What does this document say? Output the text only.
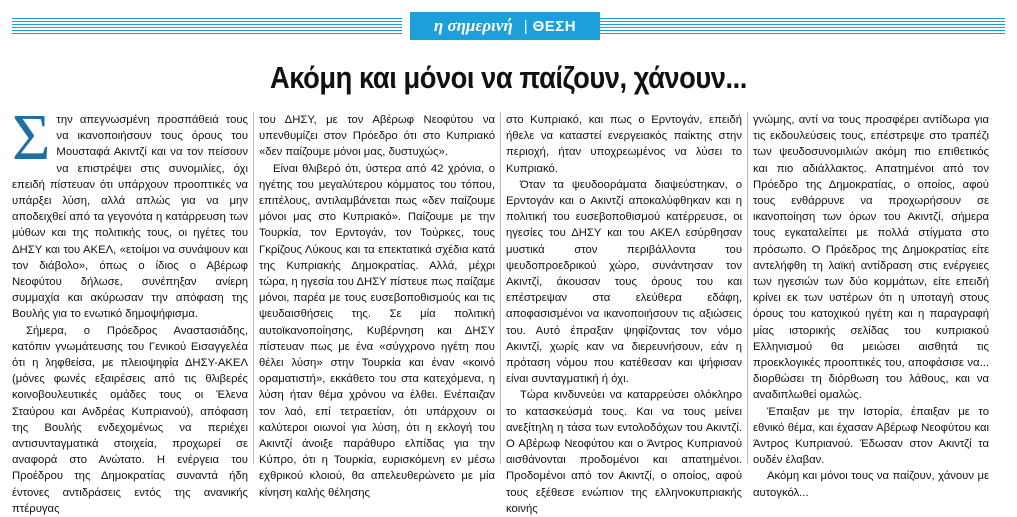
η σημερινή | ΘΕΣΗ
Ακόμη και μόνοι να παίζουν, χάνουν...
Σ την απεγνωσμένη προσπάθειά τους να ικανοποιήσουν τους όρους του Μουσταφά Ακιντζί και να τον πείσουν να επιστρέψει στις συνομιλίες, όχι επειδή πίστευαν ότι υπάρχουν προοπτικές να υπάρξει λύση, αλλά απλώς για να μην αποδειχθεί από τα γεγονότα η κατάρρευση των μύθων και της πολιτικής τους, οι ηγέτες του ΔΗΣΥ και του ΑΚΕΛ, «ετοίμοι να συνάψουν και τον διάβολο», όπως ο ίδιος ο Αβέρωφ Νεοφύτου δήλωσε, συνέπηξαν ανίερη συμμαχία και ακύρωσαν την απόφαση της Βουλής για το ενωτικό δημοψήφισμα.

Σήμερα, ο Πρόεδρος Αναστασιάδης, κατόπιν γνωμάτευσης του Γενικού Εισαγγελέα ότι η ληφθείσα, με πλειοψηφία ΔΗΣΥ-ΑΚΕΛ (μόνες φωνές εξαιρέσεις από τις θλιβερές κοινοβουλευτικές ομάδες τους οι Έλενα Σταύρου και Ανδρέας Κυπριανού), απόφαση της Βουλής ενδεχομένως να περιέχει αντισυνταγματικά στοιχεία, προχωρεί σε αναφορά στο Ανώτατο. Η ενέργεια του Προέδρου της Δημοκρατίας συναντά ήδη έντονες αντιδράσεις εντός της ανανικής πτέρυγας

του ΔΗΣΥ, με τον Αβέρωφ Νεοφύτου να υπενθυμίζει στον Πρόεδρο ότι στο Κυπριακό «δεν παίζουμε μόνοι μας, δυστυχώς».

Είναι θλιβερό ότι, ύστερα από 42 χρόνια, ο ηγέτης του μεγαλύτερου κόμματος του τόπου, επιτέλους, αντιλαμβάνεται πως «δεν παίζουμε μόνοι μας στο Κυπριακό». Παίζουμε με την Τουρκία, τον Ερντογάν, τον Τούρκες, τους Γκρίζους Λύκους και τα επεκτατικά σχέδια κατά της Κυπριακής Δημοκρατίας. Αλλά, μέχρι τώρα, η ηγεσία του ΔΗΣΥ πίστευε πως παίζαμε μόνοι, παρέα με τους ευσεβοποθισμούς και τις ψευδαισθήσεις της. Σε μία πολιτική αυτοϊκανοποίησης, Κυβέρνηση και ΔΗΣΥ πίστευαν πως με ένα «σύγχρονο ηγέτη που θέλει λύση» στην Τουρκία και έναν «κοινό οραματιστή», εκκάθετο του στα κατεχόμενα, η λύση ήταν θέμα χρόνου να έλθει. Ενέπαιζαν τον λαό, επί τετραετίαν, ότι υπάρχουν οι καλύτεροι οιωνοί για λύση, ότι η εκλογή του Ακιντζί άνοιξε παράθυρο ελπίδας για την Κύπρο, ότι η Τουρκία, ευρισκόμενη εν μέσω εχθρικού κλοιού, θα απελευθερώνετο με μία κίνηση καλής θέλησης

στο Κυπριακό, και πως ο Ερντογάν, επειδή ήθελε να καταστεί ενεργειακός παίκτης στην περιοχή, ήταν υποχρεωμένος να λύσει το Κυπριακό.

Όταν τα ψευδοοράματα διαψεύστηκαν, ο Ερντογάν και ο Ακιντζί αποκαλύφθηκαν και η πολιτική του ευσεβοποθισμού κατέρρευσε, οι ηγεσίες του ΔΗΣΥ και του ΑΚΕΛ εσύρθησαν μυστικά στον περιβάλλοντα του ψευδοπροεδρικού χώρο, συνάντησαν τον Ακιντζί, άκουσαν τους όρους του και επέστρεψαν στα ελεύθερα εδάφη, αποφασισμένοι να ικανοποιήσουν τις αξιώσεις του. Αυτό έπραξαν ψηφίζοντας τον νόμο Ακιντζί, χωρίς καν να διερευνήσουν, εάν η πρόταση νόμου που κατέθεσαν και ψήφισαν είναι συνταγματική ή όχι.

Τώρα κινδυνεύει να καταρρεύσει ολόκληρο το κατασκεύσμά τους. Και να τους μείνει ανεξίτηλη η τάσα των εντολοδόχων του Ακιντζί. Ο Αβέρωφ Νεοφύτου και ο Άντρος Κυπριανού αισθάνονται προδομένοι και απατημένοι. Προδομένοι από τον Ακιντζί, ο οποίος, αφού τους εξέθεσε ενώπιον της ελληνοκυπριακής κοινής

γνώμης, αντί να τους προσφέρει αντίδωρα για τις εκδουλεύσεις τους, επέστρεψε στο τραπέζι των ψευδοσυνομιλιών ακόμη πιο επιθετικός και πιο αδιάλλακτος. Απατημένοι από τον Πρόεδρο της Δημοκρατίας, ο οποίος, αφού τους ενθάρρυνε να προχωρήσουν σε ικανοποίηση των όρων του Ακιντζί, σήμερα τους εγκαταλείπει με πολλά στίγματα στο πρόσωπο. Ο Πρόεδρος της Δημοκρατίας είτε αντελήφθη τη λαϊκή αντίδραση στις ενέργειες των ηγεσιών των δύο κομμάτων, είτε επειδή κρίνει εκ των υστέρων ότι η υποταγή στους όρους του κατοχικού ηγέτη και η παραγραφή μίας ιστορικής σελίδας του κυπριακού Ελληνισμού θα μειώσει αισθητά τις προεκλογικές προοπτικές του, αποφάσισε να... διορθώσει τη διόρθωση του λάθους, και να αναδιπλωθεί ομαλώς.

Έπαιξαν με την Ιστορία, έπαιξαν με το εθνικό θέμα, και έχασαν Αβέρωφ Νεοφύτου και Άντρος Κυπριανού. Έδωσαν στον Ακιντζί τα ουδέν έλαβαν.

Ακόμη και μόνοι τους να παίζουν, χάνουν με αυτογκόλ...
